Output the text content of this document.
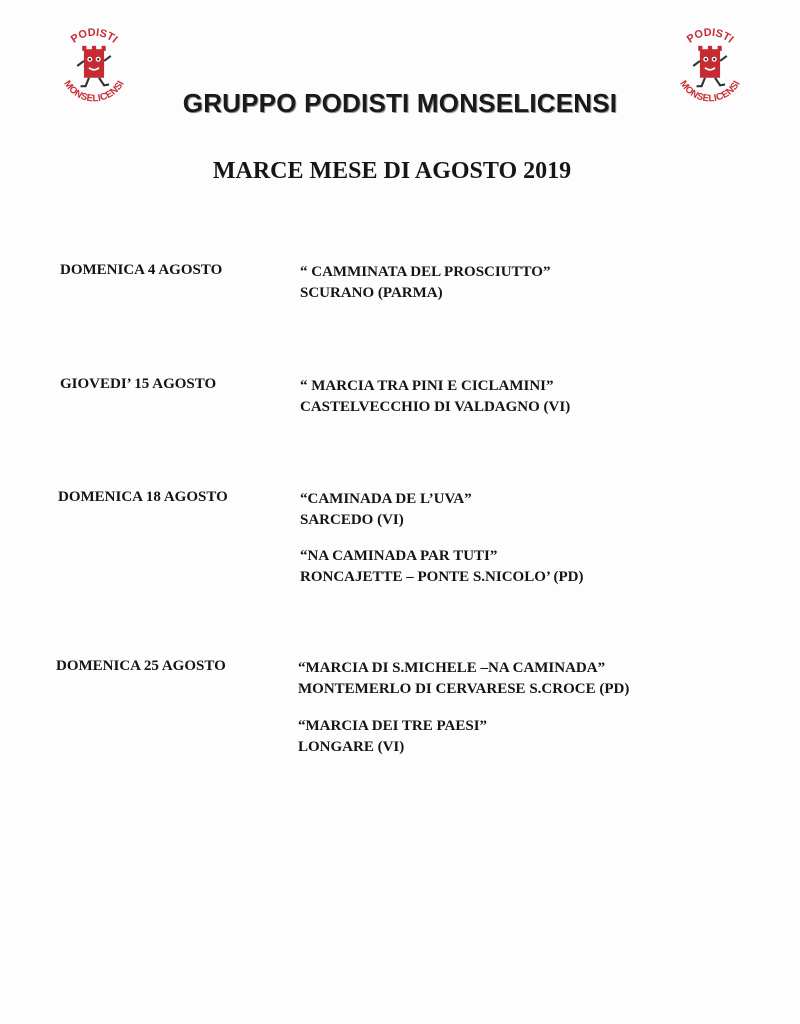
PODISTI
MONSELICENSI
PODISTI
MONSELICENSI
GRUPPO PODISTI MONSELICENSI
MARCE MESE DI AGOSTO 2019
DOMENICA 4 AGOSTO	“ CAMMINATA DEL PROSCIUTTO”
SCURANO (PARMA)
GIOVEDI’ 15 AGOSTO	“ MARCIA TRA PINI E CICLAMINI”
CASTELVECCHIO DI VALDAGNO (VI)
DOMENICA 18 AGOSTO	“CAMINADA DE L’UVA”
SARCEDO (VI)
“NA CAMINADA PAR TUTI”
RONCAJETTE – PONTE S.NICOLO’ (PD)
DOMENICA 25 AGOSTO	“MARCIA DI S.MICHELE –NA CAMINADA”
MONTEMERLO DI CERVARESE S.CROCE (PD)
“MARCIA DEI TRE PAESI”
LONGARE (VI)
